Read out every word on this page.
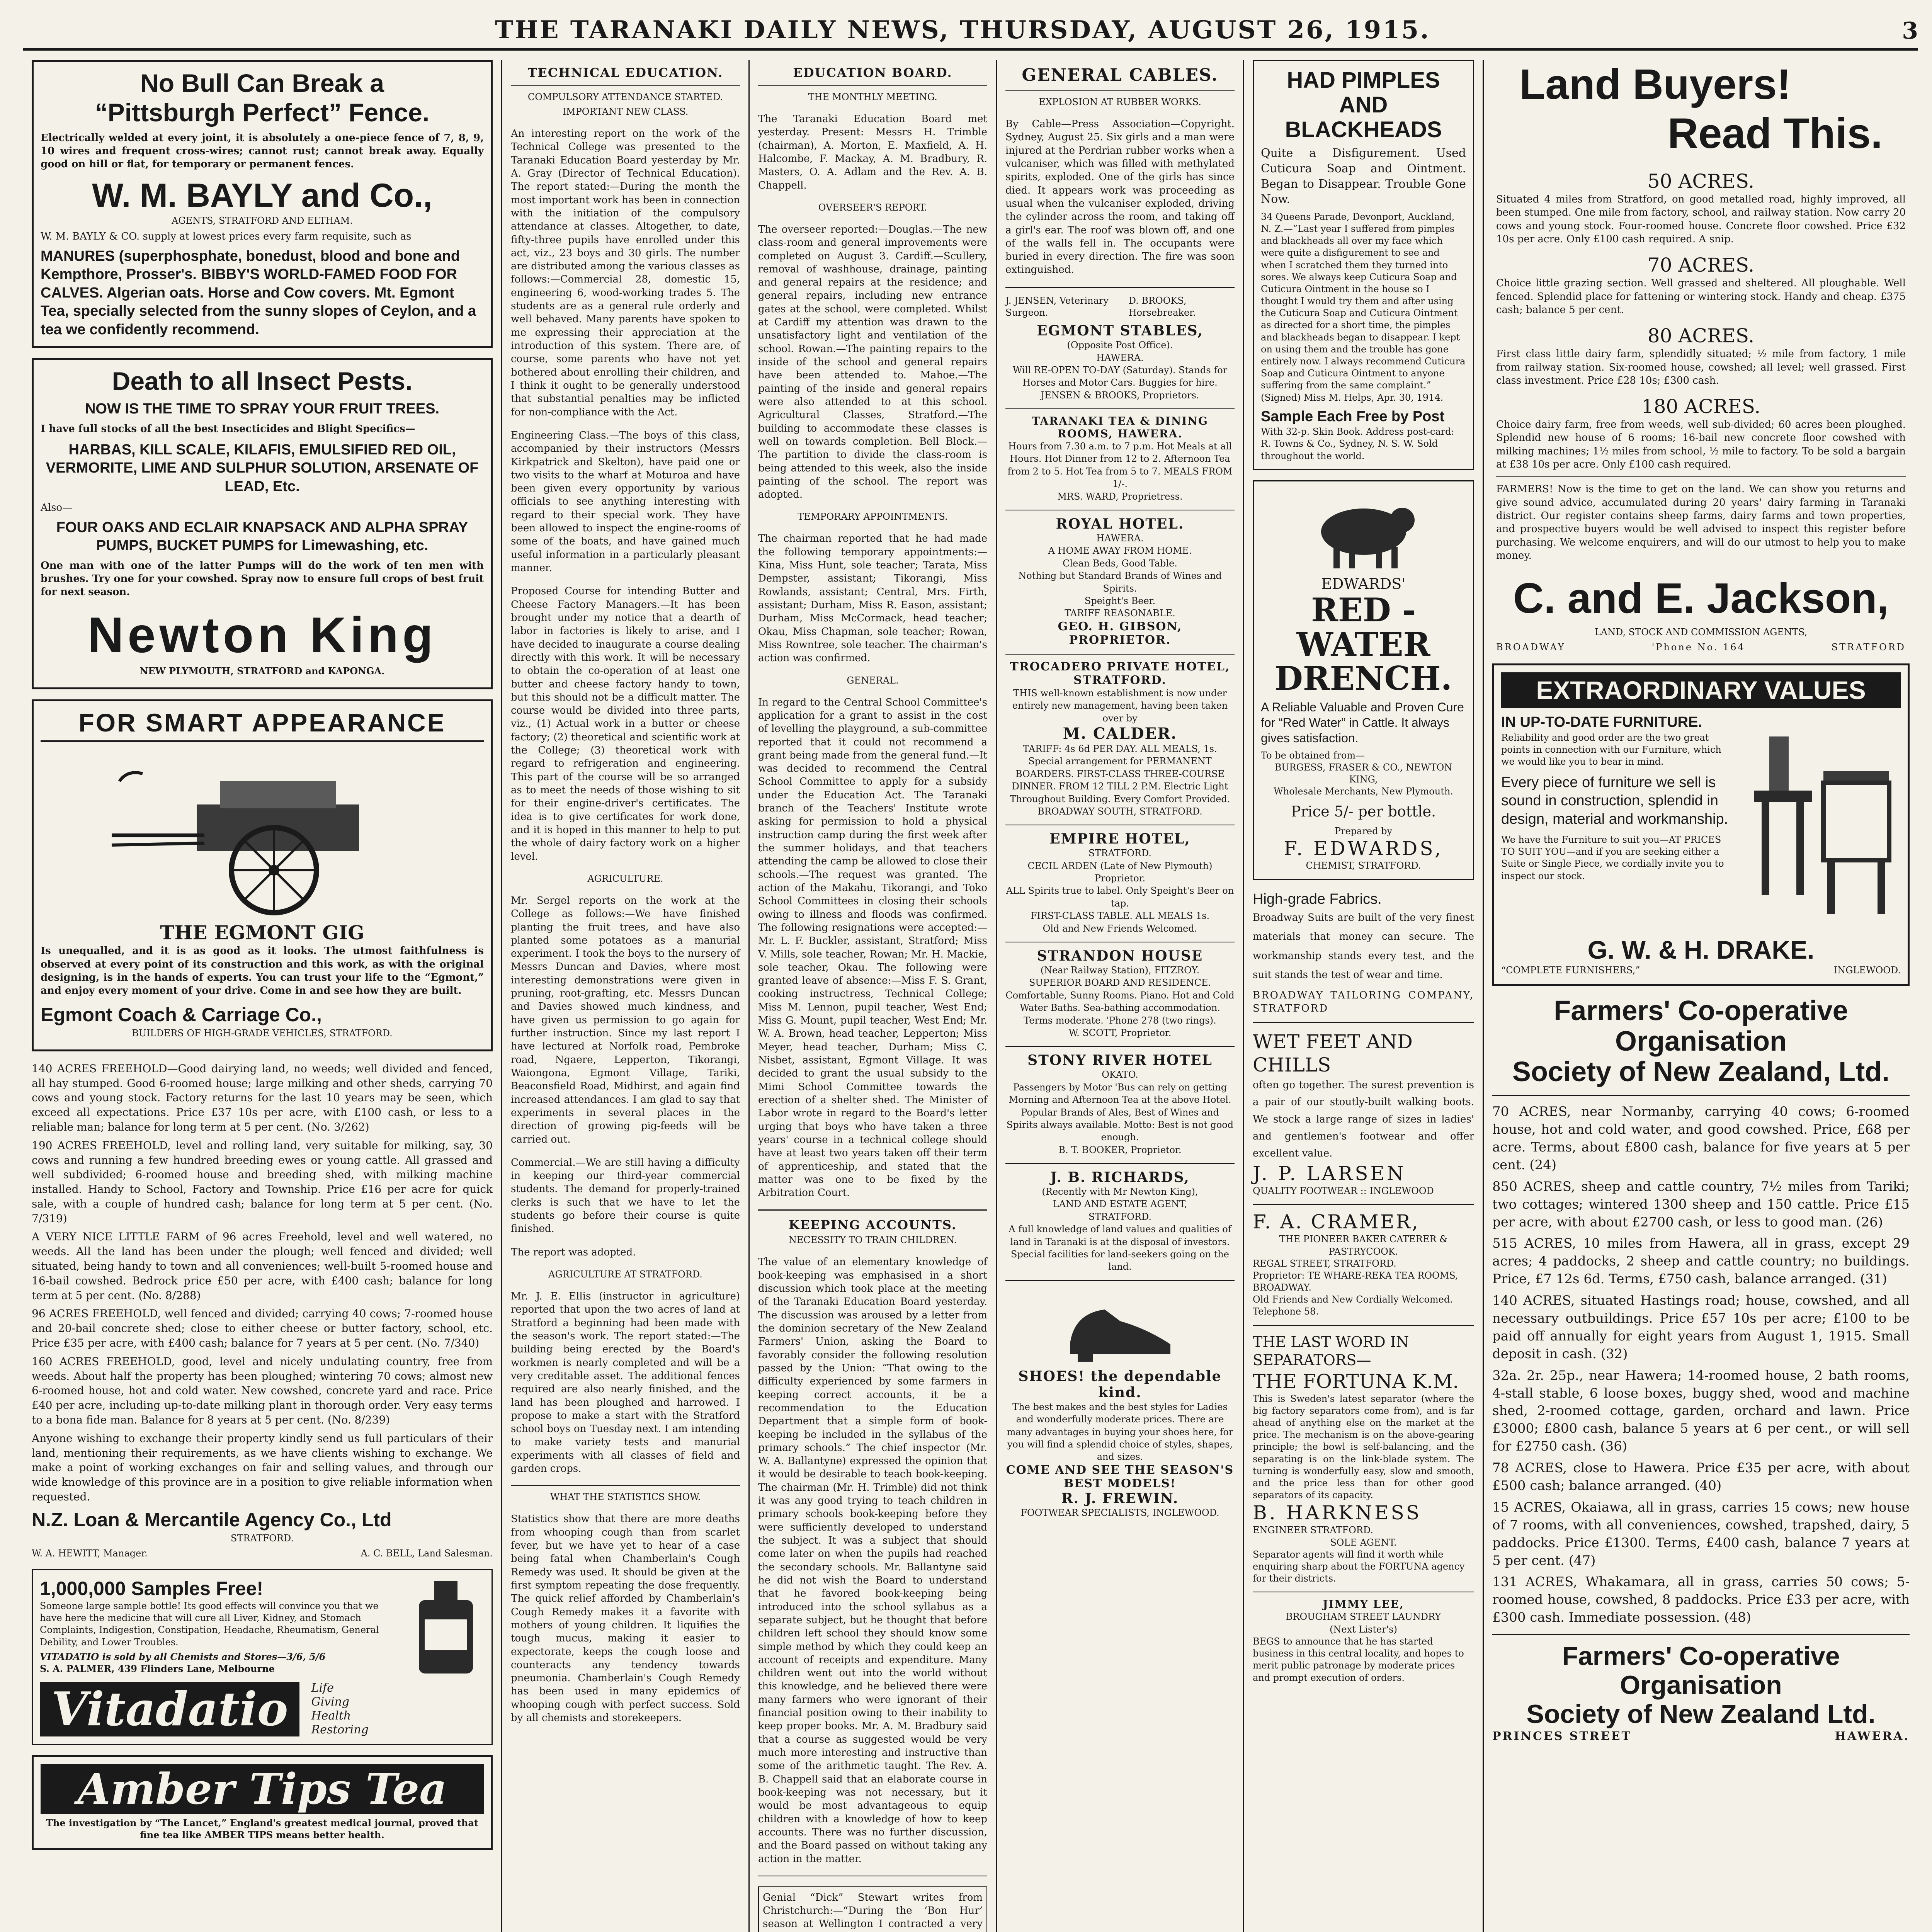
THE TARANAKI DAILY NEWS, THURSDAY, AUGUST 26, 1915.	3
No Bull Can Break a
“Pittsburgh Perfect” Fence.
Electrically welded at every joint, it is absolutely a one-piece fence of 7, 8, 9, 10 wires and frequent cross-wires; cannot rust; cannot break away. Equally good on hill or flat, for temporary or permanent fences.
W. M. BAYLY and Co.,
AGENTS, STRATFORD AND ELTHAM.
W. M. BAYLY & CO. supply at lowest prices every farm requisite, such as
MANURES (superphosphate, bonedust, blood and bone and Kempthore, Prosser's. BIBBY'S WORLD-FAMED FOOD FOR CALVES. Algerian oats. Horse and Cow covers. Mt. Egmont Tea, specially selected from the sunny slopes of Ceylon, and a tea we confidently recommend.
Death to all Insect Pests.
NOW IS THE TIME TO SPRAY YOUR FRUIT TREES.
I have full stocks of all the best Insecticides and Blight Specifics—
HARBAS, KILL SCALE, KILAFIS, EMULSIFIED RED OIL, VERMORITE, LIME AND SULPHUR SOLUTION, ARSENATE OF LEAD, Etc.
Also—
FOUR OAKS AND ECLAIR KNAPSACK AND ALPHA SPRAY PUMPS, BUCKET PUMPS for Limewashing, etc.
One man with one of the latter Pumps will do the work of ten men with brushes. Try one for your cowshed. Spray now to ensure full crops of best fruit for next season.
Newton King
NEW PLYMOUTH, STRATFORD and KAPONGA.
FOR SMART APPEARANCE
THE EGMONT GIG
Is unequalled, and it is as good as it looks. The utmost faithfulness is observed at every point of its construction and this work, as with the original designing, is in the hands of experts. You can trust your life to the “Egmont,” and enjoy every moment of your drive. Come in and see how they are built.
Egmont Coach & Carriage Co.,
BUILDERS OF HIGH-GRADE VEHICLES, STRATFORD.
140 ACRES FREEHOLD—Good dairying land, no weeds; well divided and fenced, all hay stumped. Good 6-roomed house; large milking and other sheds, carrying 70 cows and young stock. Factory returns for the last 10 years may be seen, which exceed all expectations. Price £37 10s per acre, with £100 cash, or less to a reliable man; balance for long term at 5 per cent. (No. 3/262)
190 ACRES FREEHOLD, level and rolling land, very suitable for milking, say, 30 cows and running a few hundred breeding ewes or young cattle. All grassed and well subdivided; 6-roomed house and breeding shed, with milking machine installed. Handy to School, Factory and Township. Price £16 per acre for quick sale, with a couple of hundred cash; balance for long term at 5 per cent. (No. 7/319)
A VERY NICE LITTLE FARM of 96 acres Freehold, level and well watered, no weeds. All the land has been under the plough; well fenced and divided; well situated, being handy to town and all conveniences; well-built 5-roomed house and 16-bail cowshed. Bedrock price £50 per acre, with £400 cash; balance for long term at 5 per cent. (No. 8/288)
96 ACRES FREEHOLD, well fenced and divided; carrying 40 cows; 7-roomed house and 20-bail concrete shed; close to either cheese or butter factory, school, etc. Price £35 per acre, with £400 cash; balance for 7 years at 5 per cent. (No. 7/340)
160 ACRES FREEHOLD, good, level and nicely undulating country, free from weeds. About half the property has been ploughed; wintering 70 cows; almost new 6-roomed house, hot and cold water. New cowshed, concrete yard and race. Price £40 per acre, including up-to-date milking plant in thorough order. Very easy terms to a bona fide man. Balance for 8 years at 5 per cent. (No. 8/239)
Anyone wishing to exchange their property kindly send us full particulars of their land, mentioning their requirements, as we have clients wishing to exchange. We make a point of working exchanges on fair and selling values, and through our wide knowledge of this province are in a position to give reliable information when requested.
N.Z. Loan & Mercantile Agency Co., Ltd
STRATFORD.
W. A. HEWITT, Manager.	A. C. BELL, Land Salesman.
1,000,000 Samples Free!
Someone large sample bottle! Its good effects will convince you that we have here the medicine that will cure all Liver, Kidney, and Stomach Complaints, Indigestion, Constipation, Headache, Rheumatism, General Debility, and Lower Troubles.
VITADATIO is sold by all Chemists and Stores—3/6, 5/6
S. A. PALMER, 439 Flinders Lane, Melbourne
Vitadatio	Life
Giving
Health
Restoring
Amber Tips Tea
The investigation by “The Lancet,” England's greatest medical journal, proved that fine tea like AMBER TIPS means better health.
TECHNICAL EDUCATION.
COMPULSORY ATTENDANCE STARTED.
IMPORTANT NEW CLASS.

An interesting report on the work of the Technical College was presented to the Taranaki Education Board yesterday by Mr. A. Gray (Director of Technical Education). The report stated:—During the month the most important work has been in connection with the initiation of the compulsory attendance at classes. Altogether, to date, fifty-three pupils have enrolled under this act, viz., 23 boys and 30 girls. The number are distributed among the various classes as follows:—Commercial 28, domestic 15, engineering 6, wood-working trades 5. The students are as a general rule orderly and well behaved. Many parents have spoken to me expressing their appreciation at the introduction of this system. There are, of course, some parents who have not yet bothered about enrolling their children, and I think it ought to be generally understood that substantial penalties may be inflicted for non-compliance with the Act.

Engineering Class.—The boys of this class, accompanied by their instructors (Messrs Kirkpatrick and Skelton), have paid one or two visits to the wharf at Moturoa and have been given every opportunity by various officials to see anything interesting with regard to their special work. They have been allowed to inspect the engine-rooms of some of the boats, and have gained much useful information in a particularly pleasant manner.

Proposed Course for intending Butter and Cheese Factory Managers.—It has been brought under my notice that a dearth of labor in factories is likely to arise, and I have decided to inaugurate a course dealing directly with this work. It will be necessary to obtain the co-operation of at least one butter and cheese factory handy to town, but this should not be a difficult matter. The course would be divided into three parts, viz., (1) Actual work in a butter or cheese factory; (2) theoretical and scientific work at the College; (3) theoretical work with regard to refrigeration and engineering. This part of the course will be so arranged as to meet the needs of those wishing to sit for their engine-driver's certificates. The idea is to give certificates for work done, and it is hoped in this manner to help to put the whole of dairy factory work on a higher level.

AGRICULTURE.

Mr. Sergel reports on the work at the College as follows:—We have finished planting the fruit trees, and have also planted some potatoes as a manurial experiment. I took the boys to the nursery of Messrs Duncan and Davies, where most interesting demonstrations were given in pruning, root-grafting, etc. Messrs Duncan and Davies showed much kindness, and have given us permission to go again for further instruction. Since my last report I have lectured at Norfolk road, Pembroke road, Ngaere, Lepperton, Tikorangi, Waiongona, Egmont Village, Tariki, Beaconsfield Road, Midhirst, and again find increased attendances. I am glad to say that experiments in several places in the direction of growing pig-feeds will be carried out.

Commercial.—We are still having a difficulty in keeping our third-year commercial students. The demand for properly-trained clerks is such that we have to let the students go before their course is quite finished.

The report was adopted.

AGRICULTURE AT STRATFORD.

Mr. J. E. Ellis (instructor in agriculture) reported that upon the two acres of land at Stratford a beginning had been made with the season's work. The report stated:—The building being erected by the Board's workmen is nearly completed and will be a very creditable asset. The additional fences required are also nearly finished, and the land has been ploughed and harrowed. I propose to make a start with the Stratford school boys on Tuesday next. I am intending to make variety tests and manurial experiments with all classes of field and garden crops.

WHAT THE STATISTICS SHOW.

Statistics show that there are more deaths from whooping cough than from scarlet fever, but we have yet to hear of a case being fatal when Chamberlain's Cough Remedy was used. It should be given at the first symptom repeating the dose frequently. The quick relief afforded by Chamberlain's Cough Remedy makes it a favorite with mothers of young children. It liquifies the tough mucus, making it easier to expectorate, keeps the cough loose and counteracts any tendency towards pneumonia. Chamberlain's Cough Remedy has been used in many epidemics of whooping cough with perfect success. Sold by all chemists and storekeepers.

EDUCATION BOARD.
THE MONTHLY MEETING.

The Taranaki Education Board met yesterday. Present: Messrs H. Trimble (chairman), A. Morton, E. Maxfield, A. H. Halcombe, F. Mackay, A. M. Bradbury, R. Masters, O. A. Adlam and the Rev. A. B. Chappell.

OVERSEER'S REPORT.

The overseer reported:—Douglas.—The new class-room and general improvements were completed on August 3. Cardiff.—Scullery, removal of washhouse, drainage, painting and general repairs at the residence; and general repairs, including new entrance gates at the school, were completed. Whilst at Cardiff my attention was drawn to the unsatisfactory light and ventilation of the school. Rowan.—The painting repairs to the inside of the school and general repairs have been attended to. Mahoe.—The painting of the inside and general repairs were also attended to at this school. Agricultural Classes, Stratford.—The building to accommodate these classes is well on towards completion. Bell Block.—The partition to divide the class-room is being attended to this week, also the inside painting of the school. The report was adopted.

TEMPORARY APPOINTMENTS.

The chairman reported that he had made the following temporary appointments:—Kina, Miss Hunt, sole teacher; Tarata, Miss Dempster, assistant; Tikorangi, Miss Rowlands, assistant; Central, Mrs. Firth, assistant; Durham, Miss R. Eason, assistant; Durham, Miss McCormack, head teacher; Okau, Miss Chapman, sole teacher; Rowan, Miss Rowntree, sole teacher. The chairman's action was confirmed.

GENERAL.

In regard to the Central School Committee's application for a grant to assist in the cost of levelling the playground, a sub-committee reported that it could not recommend a grant being made from the general fund.—It was decided to recommend the Central School Committee to apply for a subsidy under the Education Act. The Taranaki branch of the Teachers' Institute wrote asking for permission to hold a physical instruction camp during the first week after the summer holidays, and that teachers attending the camp be allowed to close their schools.—The request was granted. The action of the Makahu, Tikorangi, and Toko School Committees in closing their schools owing to illness and floods was confirmed. The following resignations were accepted:—Mr. L. F. Buckler, assistant, Stratford; Miss V. Mills, sole teacher, Rowan; Mr. H. Mackie, sole teacher, Okau. The following were granted leave of absence:—Miss F. S. Grant, cooking instructress, Technical College; Miss M. Lennon, pupil teacher, West End; Miss G. Mount, pupil teacher, West End; Mr. W. A. Brown, head teacher, Lepperton; Miss Meyer, head teacher, Durham; Miss C. Nisbet, assistant, Egmont Village. It was decided to grant the usual subsidy to the Mimi School Committee towards the erection of a shelter shed. The Minister of Labor wrote in regard to the Board's letter urging that boys who have taken a three years' course in a technical college should have at least two years taken off their term of apprenticeship, and stated that the matter was one to be fixed by the Arbitration Court.

KEEPING ACCOUNTS.
NECESSITY TO TRAIN CHILDREN.

The value of an elementary knowledge of book-keeping was emphasised in a short discussion which took place at the meeting of the Taranaki Education Board yesterday. The discussion was aroused by a letter from the dominion secretary of the New Zealand Farmers' Union, asking the Board to favorably consider the following resolution passed by the Union: “That owing to the difficulty experienced by some farmers in keeping correct accounts, it be a recommendation to the Education Department that a simple form of book-keeping be included in the syllabus of the primary schools.” The chief inspector (Mr. W. A. Ballantyne) expressed the opinion that it would be desirable to teach book-keeping. The chairman (Mr. H. Trimble) did not think it was any good trying to teach children in primary schools book-keeping before they were sufficiently developed to understand the subject. It was a subject that should come later on when the pupils had reached the secondary schools. Mr. Ballantyne said he did not wish the Board to understand that he favored book-keeping being introduced into the school syllabus as a separate subject, but he thought that before children left school they should know some simple method by which they could keep an account of receipts and expenditure. Many children went out into the world without this knowledge, and he believed there were many farmers who were ignorant of their financial position owing to their inability to keep proper books. Mr. A. M. Bradbury said that a course as suggested would be very much more interesting and instructive than some of the arithmetic taught. The Rev. A. B. Chappell said that an elaborate course in book-keeping was not necessary, but it would be most advantageous to equip children with a knowledge of how to keep accounts. There was no further discussion, and the Board passed on without taking any action in the matter.

Genial “Dick” Stewart writes from Christchurch:—“During the ‘Bon Hur’ season at Wellington I contracted a very

GENERAL CABLES.
EXPLOSION AT RUBBER WORKS.

By Cable—Press Association—Copyright. Sydney, August 25. Six girls and a man were injured at the Perdrian rubber works when a vulcaniser, which was filled with methylated spirits, exploded. One of the girls has since died. It appears work was proceeding as usual when the vulcaniser exploded, driving the cylinder across the room, and taking off a girl's ear. The roof was blown off, and one of the walls fell in. The occupants were buried in every direction. The fire was soon extinguished.

J. JENSEN, Veterinary Surgeon.
D. BROOKS, Horsebreaker.
EGMONT STABLES,
(Opposite Post Office).
HAWERA.
Will RE-OPEN TO-DAY (Saturday). Stands for Horses and Motor Cars. Buggies for hire.
JENSEN & BROOKS, Proprietors.
TARANAKI TEA & DINING ROOMS, HAWERA.
Hours from 7.30 a.m. to 7 p.m. Hot Meals at all Hours. Hot Dinner from 12 to 2. Afternoon Tea from 2 to 5. Hot Tea from 5 to 7. MEALS FROM 1/-.
MRS. WARD, Proprietress.
ROYAL HOTEL.
HAWERA.
A HOME AWAY FROM HOME.
Clean Beds, Good Table.
Nothing but Standard Brands of Wines and Spirits.
Speight's Beer.
TARIFF REASONABLE.
GEO. H. GIBSON, PROPRIETOR.
TROCADERO PRIVATE HOTEL, STRATFORD.
THIS well-known establishment is now under entirely new management, having been taken over by
M. CALDER.
TARIFF: 4s 6d PER DAY. ALL MEALS, 1s. Special arrangement for PERMANENT BOARDERS. FIRST-CLASS THREE-COURSE DINNER. FROM 12 TILL 2 P.M. Electric Light Throughout Building. Every Comfort Provided.
BROADWAY SOUTH, STRATFORD.
EMPIRE HOTEL,
STRATFORD.
CECIL ARDEN (Late of New Plymouth) Proprietor.
ALL Spirits true to label. Only Speight's Beer on tap.
FIRST-CLASS TABLE. ALL MEALS 1s.
Old and New Friends Welcomed.
STRANDON HOUSE
(Near Railway Station), FITZROY.
SUPERIOR BOARD AND RESIDENCE.
Comfortable, Sunny Rooms. Piano. Hot and Cold Water Baths. Sea-bathing accommodation. Terms moderate. 'Phone 278 (two rings).
W. SCOTT, Proprietor.
STONY RIVER HOTEL
OKATO.
Passengers by Motor 'Bus can rely on getting Morning and Afternoon Tea at the above Hotel. Popular Brands of Ales, Best of Wines and Spirits always available. Motto: Best is not good enough.
B. T. BOOKER, Proprietor.
J. B. RICHARDS,
(Recently with Mr Newton King),
LAND AND ESTATE AGENT,
STRATFORD.
A full knowledge of land values and qualities of land in Taranaki is at the disposal of investors. Special facilities for land-seekers going on the land.
SHOES! the dependable kind.
The best makes and the best styles for Ladies and wonderfully moderate prices. There are many advantages in buying your shoes here, for you will find a splendid choice of styles, shapes, and sizes.
COME AND SEE THE SEASON'S BEST MODELS!
R. J. FREWIN.
FOOTWEAR SPECIALISTS, INGLEWOOD.
HAD PIMPLES AND BLACKHEADS
Quite a Disfigurement. Used Cuticura Soap and Ointment. Began to Disappear. Trouble Gone Now.
34 Queens Parade, Devonport, Auckland, N. Z.—“Last year I suffered from pimples and blackheads all over my face which were quite a disfigurement to see and when I scratched them they turned into sores. We always keep Cuticura Soap and Cuticura Ointment in the house so I thought I would try them and after using the Cuticura Soap and Cuticura Ointment as directed for a short time, the pimples and blackheads began to disappear. I kept on using them and the trouble has gone entirely now. I always recommend Cuticura Soap and Cuticura Ointment to anyone suffering from the same complaint.” (Signed) Miss M. Helps, Apr. 30, 1914.
Sample Each Free by Post
With 32-p. Skin Book. Address post-card: R. Towns & Co., Sydney, N. S. W. Sold throughout the world.
EDWARDS'
RED - WATER
DRENCH.
A Reliable Valuable and Proven Cure for “Red Water” in Cattle. It always gives satisfaction.
To be obtained from—
BURGESS, FRASER & CO., NEWTON KING,
Wholesale Merchants, New Plymouth.
Price 5/- per bottle.
Prepared by
F. EDWARDS,
CHEMIST, STRATFORD.
High-grade Fabrics.
Broadway Suits are built of the very finest materials that money can secure. The workmanship stands every test, and the suit stands the test of wear and time.
BROADWAY TAILORING COMPANY, STRATFORD
WET FEET AND CHILLS
often go together. The surest prevention is a pair of our stoutly-built walking boots. We stock a large range of sizes in ladies' and gentlemen's footwear and offer excellent value.
J. P. LARSEN
QUALITY FOOTWEAR :: INGLEWOOD
F. A. CRAMER,
THE PIONEER BAKER CATERER & PASTRYCOOK.
REGAL STREET, STRATFORD.
Proprietor: TE WHARE-REKA TEA ROOMS, BROADWAY.
Old Friends and New Cordially Welcomed.
Telephone 58.
THE LAST WORD IN SEPARATORS—
THE FORTUNA K.M.
This is Sweden's latest separator (where the big factory separators come from), and is far ahead of anything else on the market at the price. The mechanism is on the above-gearing principle; the bowl is self-balancing, and the separating is on the link-blade system. The turning is wonderfully easy, slow and smooth, and the price less than for other good separators of its capacity.
B. HARKNESS
ENGINEER STRATFORD.
SOLE AGENT.
Separator agents will find it worth while enquiring sharp about the FORTUNA agency for their districts.
JIMMY LEE,
BROUGHAM STREET LAUNDRY
(Next Lister's)
BEGS to announce that he has started business in this central locality, and hopes to merit public patronage by moderate prices and prompt execution of orders.
Land Buyers!
Read This.
50 ACRES.
Situated 4 miles from Stratford, on good metalled road, highly improved, all been stumped. One mile from factory, school, and railway station. Now carry 20 cows and young stock. Four-roomed house. Concrete floor cowshed. Price £32 10s per acre. Only £100 cash required. A snip.
70 ACRES.
Choice little grazing section. Well grassed and sheltered. All ploughable. Well fenced. Splendid place for fattening or wintering stock. Handy and cheap. £375 cash; balance 5 per cent.
80 ACRES.
First class little dairy farm, splendidly situated; ½ mile from factory, 1 mile from railway station. Six-roomed house, cowshed; all level; well grassed. First class investment. Price £28 10s; £300 cash.
180 ACRES.
Choice dairy farm, free from weeds, well sub-divided; 60 acres been ploughed. Splendid new house of 6 rooms; 16-bail new concrete floor cowshed with milking machines; 1½ miles from school, ½ mile to factory. To be sold a bargain at £38 10s per acre. Only £100 cash required.
FARMERS! Now is the time to get on the land. We can show you returns and give sound advice, accumulated during 20 years' dairy farming in Taranaki district. Our register contains sheep farms, dairy farms and town properties, and prospective buyers would be well advised to inspect this register before purchasing. We welcome enquirers, and will do our utmost to help you to make money.
C. and E. Jackson,
LAND, STOCK AND COMMISSION AGENTS,
BROADWAY	'Phone No. 164	STRATFORD
EXTRAORDINARY VALUES
IN UP-TO-DATE FURNITURE.
Reliability and good order are the two great points in connection with our Furniture, which we would like you to bear in mind.
Every piece of furniture we sell is sound in construction, splendid in design, material and workmanship.
We have the Furniture to suit you—AT PRICES TO SUIT YOU—and if you are seeking either a Suite or Single Piece, we cordially invite you to inspect our stock.
G. W. & H. DRAKE.
“COMPLETE FURNISHERS,”	INGLEWOOD.
Farmers' Co-operative Organisation
Society of New Zealand, Ltd.
70 ACRES, near Normanby, carrying 40 cows; 6-roomed house, hot and cold water, and good cowshed. Price, £68 per acre. Terms, about £800 cash, balance for five years at 5 per cent. (24)
850 ACRES, sheep and cattle country, 7½ miles from Tariki; two cottages; wintered 1300 sheep and 150 cattle. Price £15 per acre, with about £2700 cash, or less to good man. (26)
515 ACRES, 10 miles from Hawera, all in grass, except 29 acres; 4 paddocks, 2 sheep and cattle country; no buildings. Price, £7 12s 6d. Terms, £750 cash, balance arranged. (31)
140 ACRES, situated Hastings road; house, cowshed, and all necessary outbuildings. Price £57 10s per acre; £100 to be paid off annually for eight years from August 1, 1915. Small deposit in cash. (32)
32a. 2r. 25p., near Hawera; 14-roomed house, 2 bath rooms, 4-stall stable, 6 loose boxes, buggy shed, wood and machine shed, 2-roomed cottage, garden, orchard and lawn. Price £3000; £800 cash, balance 5 years at 6 per cent., or will sell for £2750 cash. (36)
78 ACRES, close to Hawera. Price £35 per acre, with about £500 cash; balance arranged. (40)
15 ACRES, Okaiawa, all in grass, carries 15 cows; new house of 7 rooms, with all conveniences, cowshed, trapshed, dairy, 5 paddocks. Price £1300. Terms, £400 cash, balance 7 years at 5 per cent. (47)
131 ACRES, Whakamara, all in grass, carries 50 cows; 5-roomed house, cowshed, 8 paddocks. Price £33 per acre, with £300 cash. Immediate possession. (48)
Farmers' Co-operative Organisation
Society of New Zealand Ltd.
PRINCES STREET	HAWERA.
